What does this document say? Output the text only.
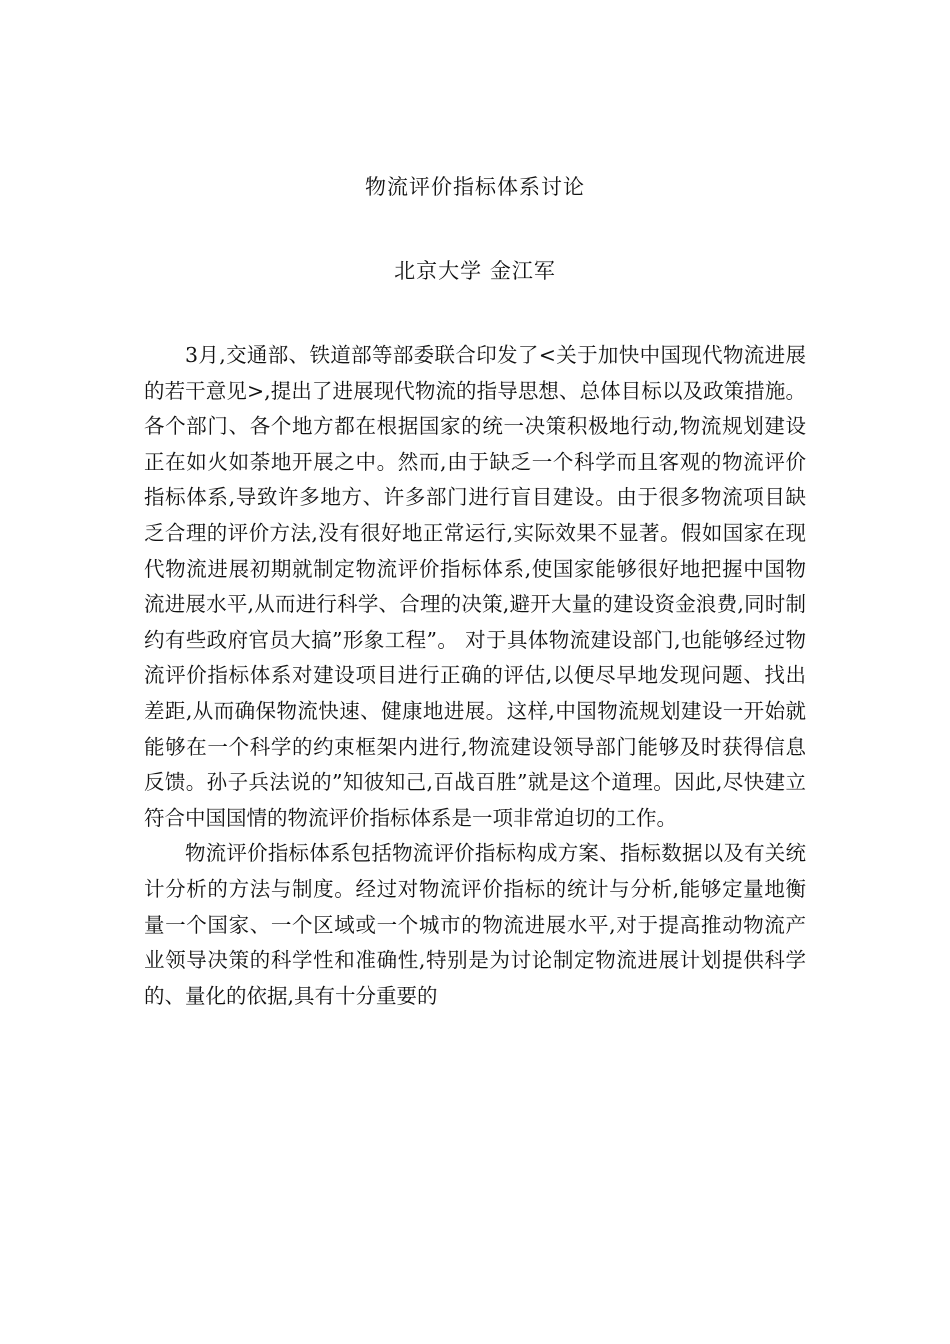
物流评价指标体系讨论
北京大学 金江军

3月,交通部、铁道部等部委联合印发了<关于加快中国现代物流进展的若干意见>,提出了进展现代物流的指导思想、总体目标以及政策措施。各个部门、各个地方都在根据国家的统一决策积极地行动,物流规划建设正在如火如荼地开展之中。然而,由于缺乏一个科学而且客观的物流评价指标体系,导致许多地方、许多部门进行盲目建设。由于很多物流项目缺乏合理的评价方法,没有很好地正常运行,实际效果不显著。假如国家在现代物流进展初期就制定物流评价指标体系,使国家能够很好地把握中国物流进展水平,从而进行科学、合理的决策,避开大量的建设资金浪费,同时制约有些政府官员大搞”形象工程”。 对于具体物流建设部门,也能够经过物流评价指标体系对建设项目进行正确的评估,以便尽早地发现问题、找出差距,从而确保物流快速、健康地进展。这样,中国物流规划建设一开始就能够在一个科学的约束框架内进行,物流建设领导部门能够及时获得信息反馈。孙子兵法说的”知彼知己,百战百胜”就是这个道理。因此,尽快建立符合中国国情的物流评价指标体系是一项非常迫切的工作。

物流评价指标体系包括物流评价指标构成方案、指标数据以及有关统计分析的方法与制度。经过对物流评价指标的统计与分析,能够定量地衡量一个国家、一个区域或一个城市的物流进展水平,对于提高推动物流产业领导决策的科学性和准确性,特别是为讨论制定物流进展计划提供科学的、量化的依据,具有十分重要的
